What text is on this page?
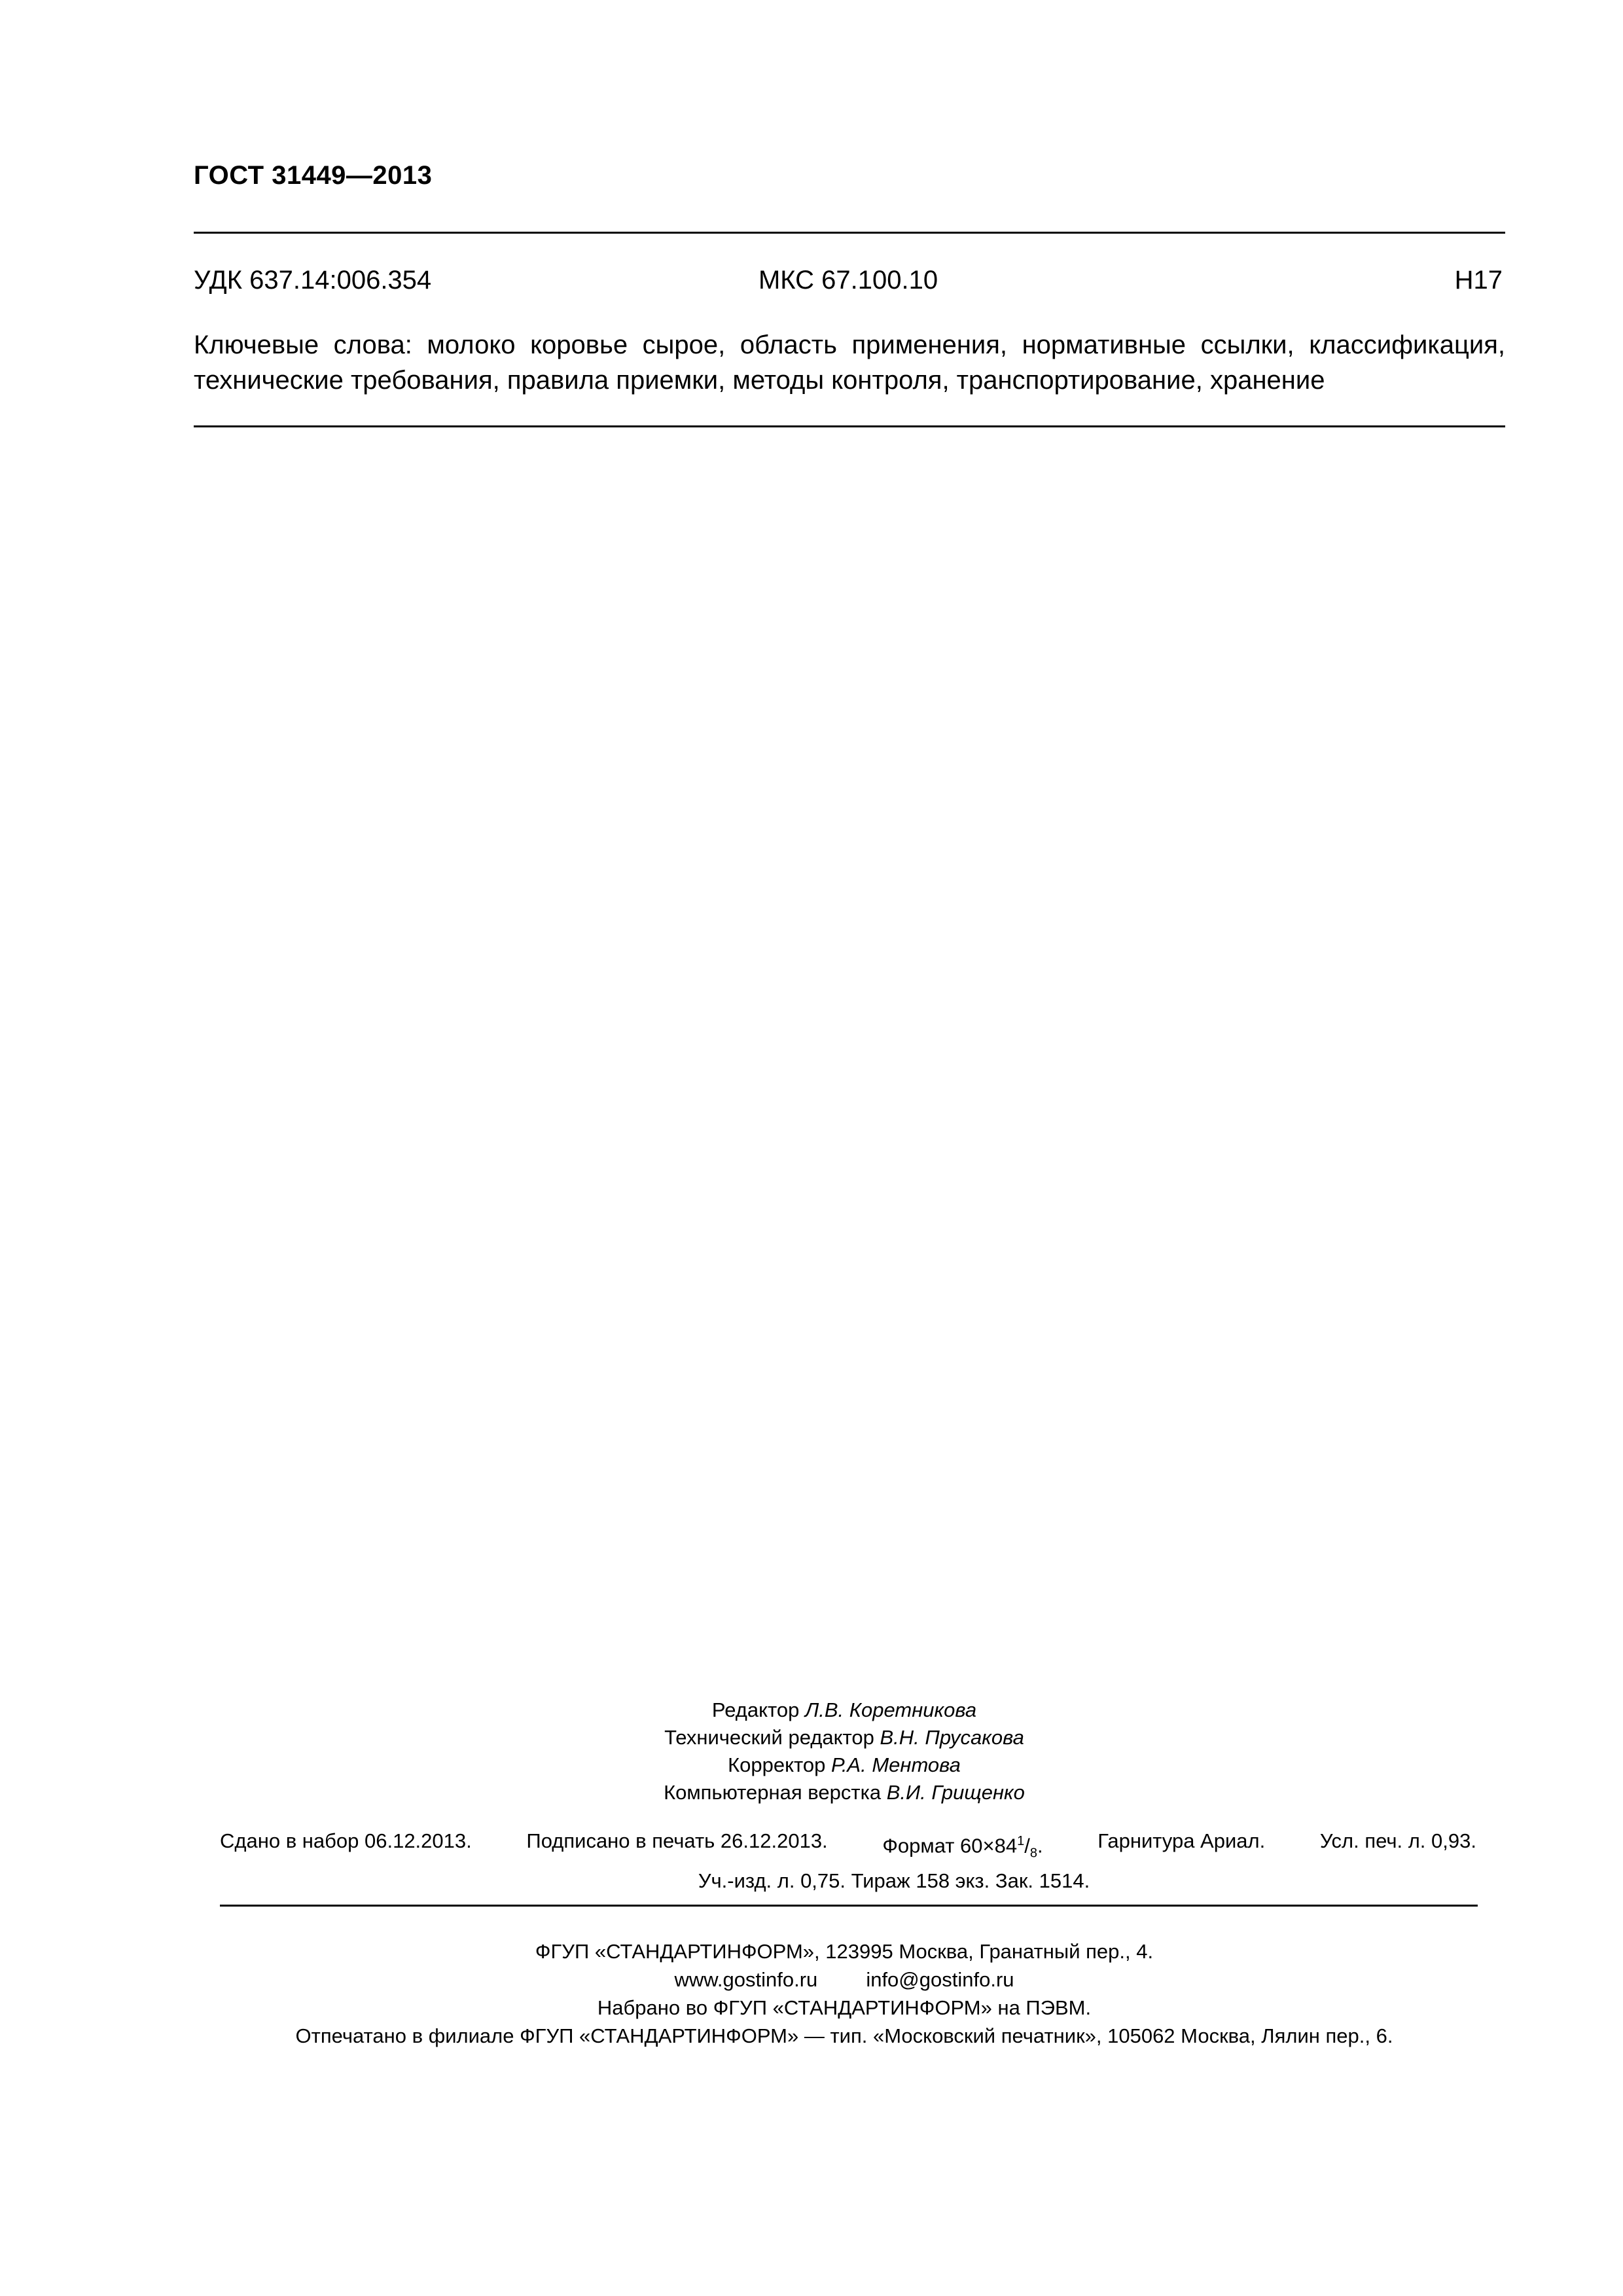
ГОСТ 31449—2013
УДК 637.14:006.354	МКС 67.100.10	Н17
Ключевые слова: молоко коровье сырое, область применения, нормативные ссылки, классификация, технические требования, правила приемки, методы контроля, транспортирование, хранение
Редактор Л.В. Коретникова
Технический редактор В.Н. Прусакова
Корректор Р.А. Ментова
Компьютерная верстка В.И. Грищенко
Сдано в набор 06.12.2013.	Подписано в печать 26.12.2013.	Формат $60\times 84^1/_8$.	Гарнитура Ариал.	Усл. печ. л. 0,93.
Уч.-изд. л. 0,75. Тираж 158 экз. Зак. 1514.
ФГУП «СТАНДАРТИНФОРМ», 123995 Москва, Гранатный пер., 4.
www.gostinfo.ru info@gostinfo.ru
Набрано во ФГУП «СТАНДАРТИНФОРМ» на ПЭВМ.
Отпечатано в филиале ФГУП «СТАНДАРТИНФОРМ» — тип. «Московский печатник», 105062 Москва, Лялин пер., 6.
